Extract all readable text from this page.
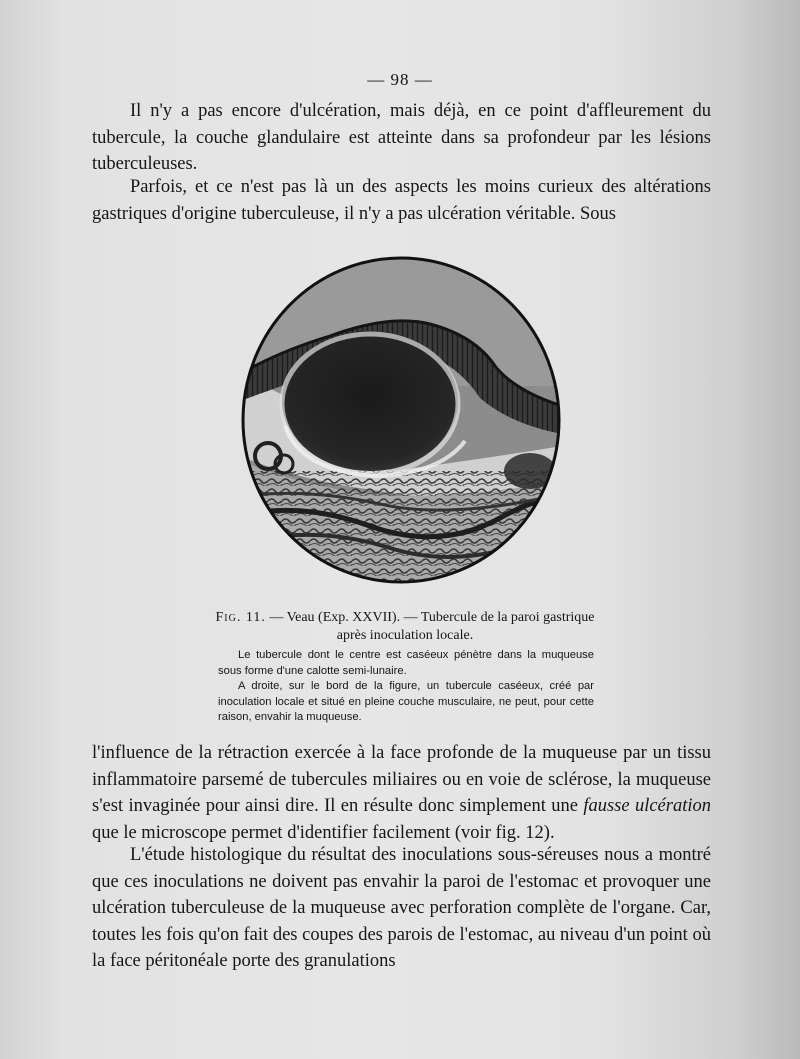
— 98 —

Il n'y a pas encore d'ulcération, mais déjà, en ce point d'affleurement du tubercule, la couche glandulaire est atteinte dans sa profondeur par les lésions tuberculeuses.

Parfois, et ce n'est pas là un des aspects les moins curieux des altérations gastriques d'origine tuberculeuse, il n'y a pas ulcération véritable. Sous

Fig. 11. — Veau (Exp. XXVII). — Tubercule de la paroi gastrique
après inoculation locale.

Le tubercule dont le centre est caséeux pénètre dans la muqueuse sous forme d'une calotte semi-lunaire.
A droite, sur le bord de la figure, un tubercule caséeux, créé par inoculation locale et situé en pleine couche musculaire, ne peut, pour cette raison, envahir la muqueuse.

l'influence de la rétraction exercée à la face profonde de la muqueuse par un tissu inflammatoire parsemé de tubercules miliaires ou en voie de sclérose, la muqueuse s'est invaginée pour ainsi dire. Il en résulte donc simplement une fausse ulcération que le microscope permet d'identifier facilement (voir fig. 12).

L'étude histologique du résultat des inoculations sous-séreuses nous a montré que ces inoculations ne doivent pas envahir la paroi de l'estomac et provoquer une ulcération tuberculeuse de la muqueuse avec perforation complète de l'organe. Car, toutes les fois qu'on fait des coupes des parois de l'estomac, au niveau d'un point où la face péritonéale porte des granulations
